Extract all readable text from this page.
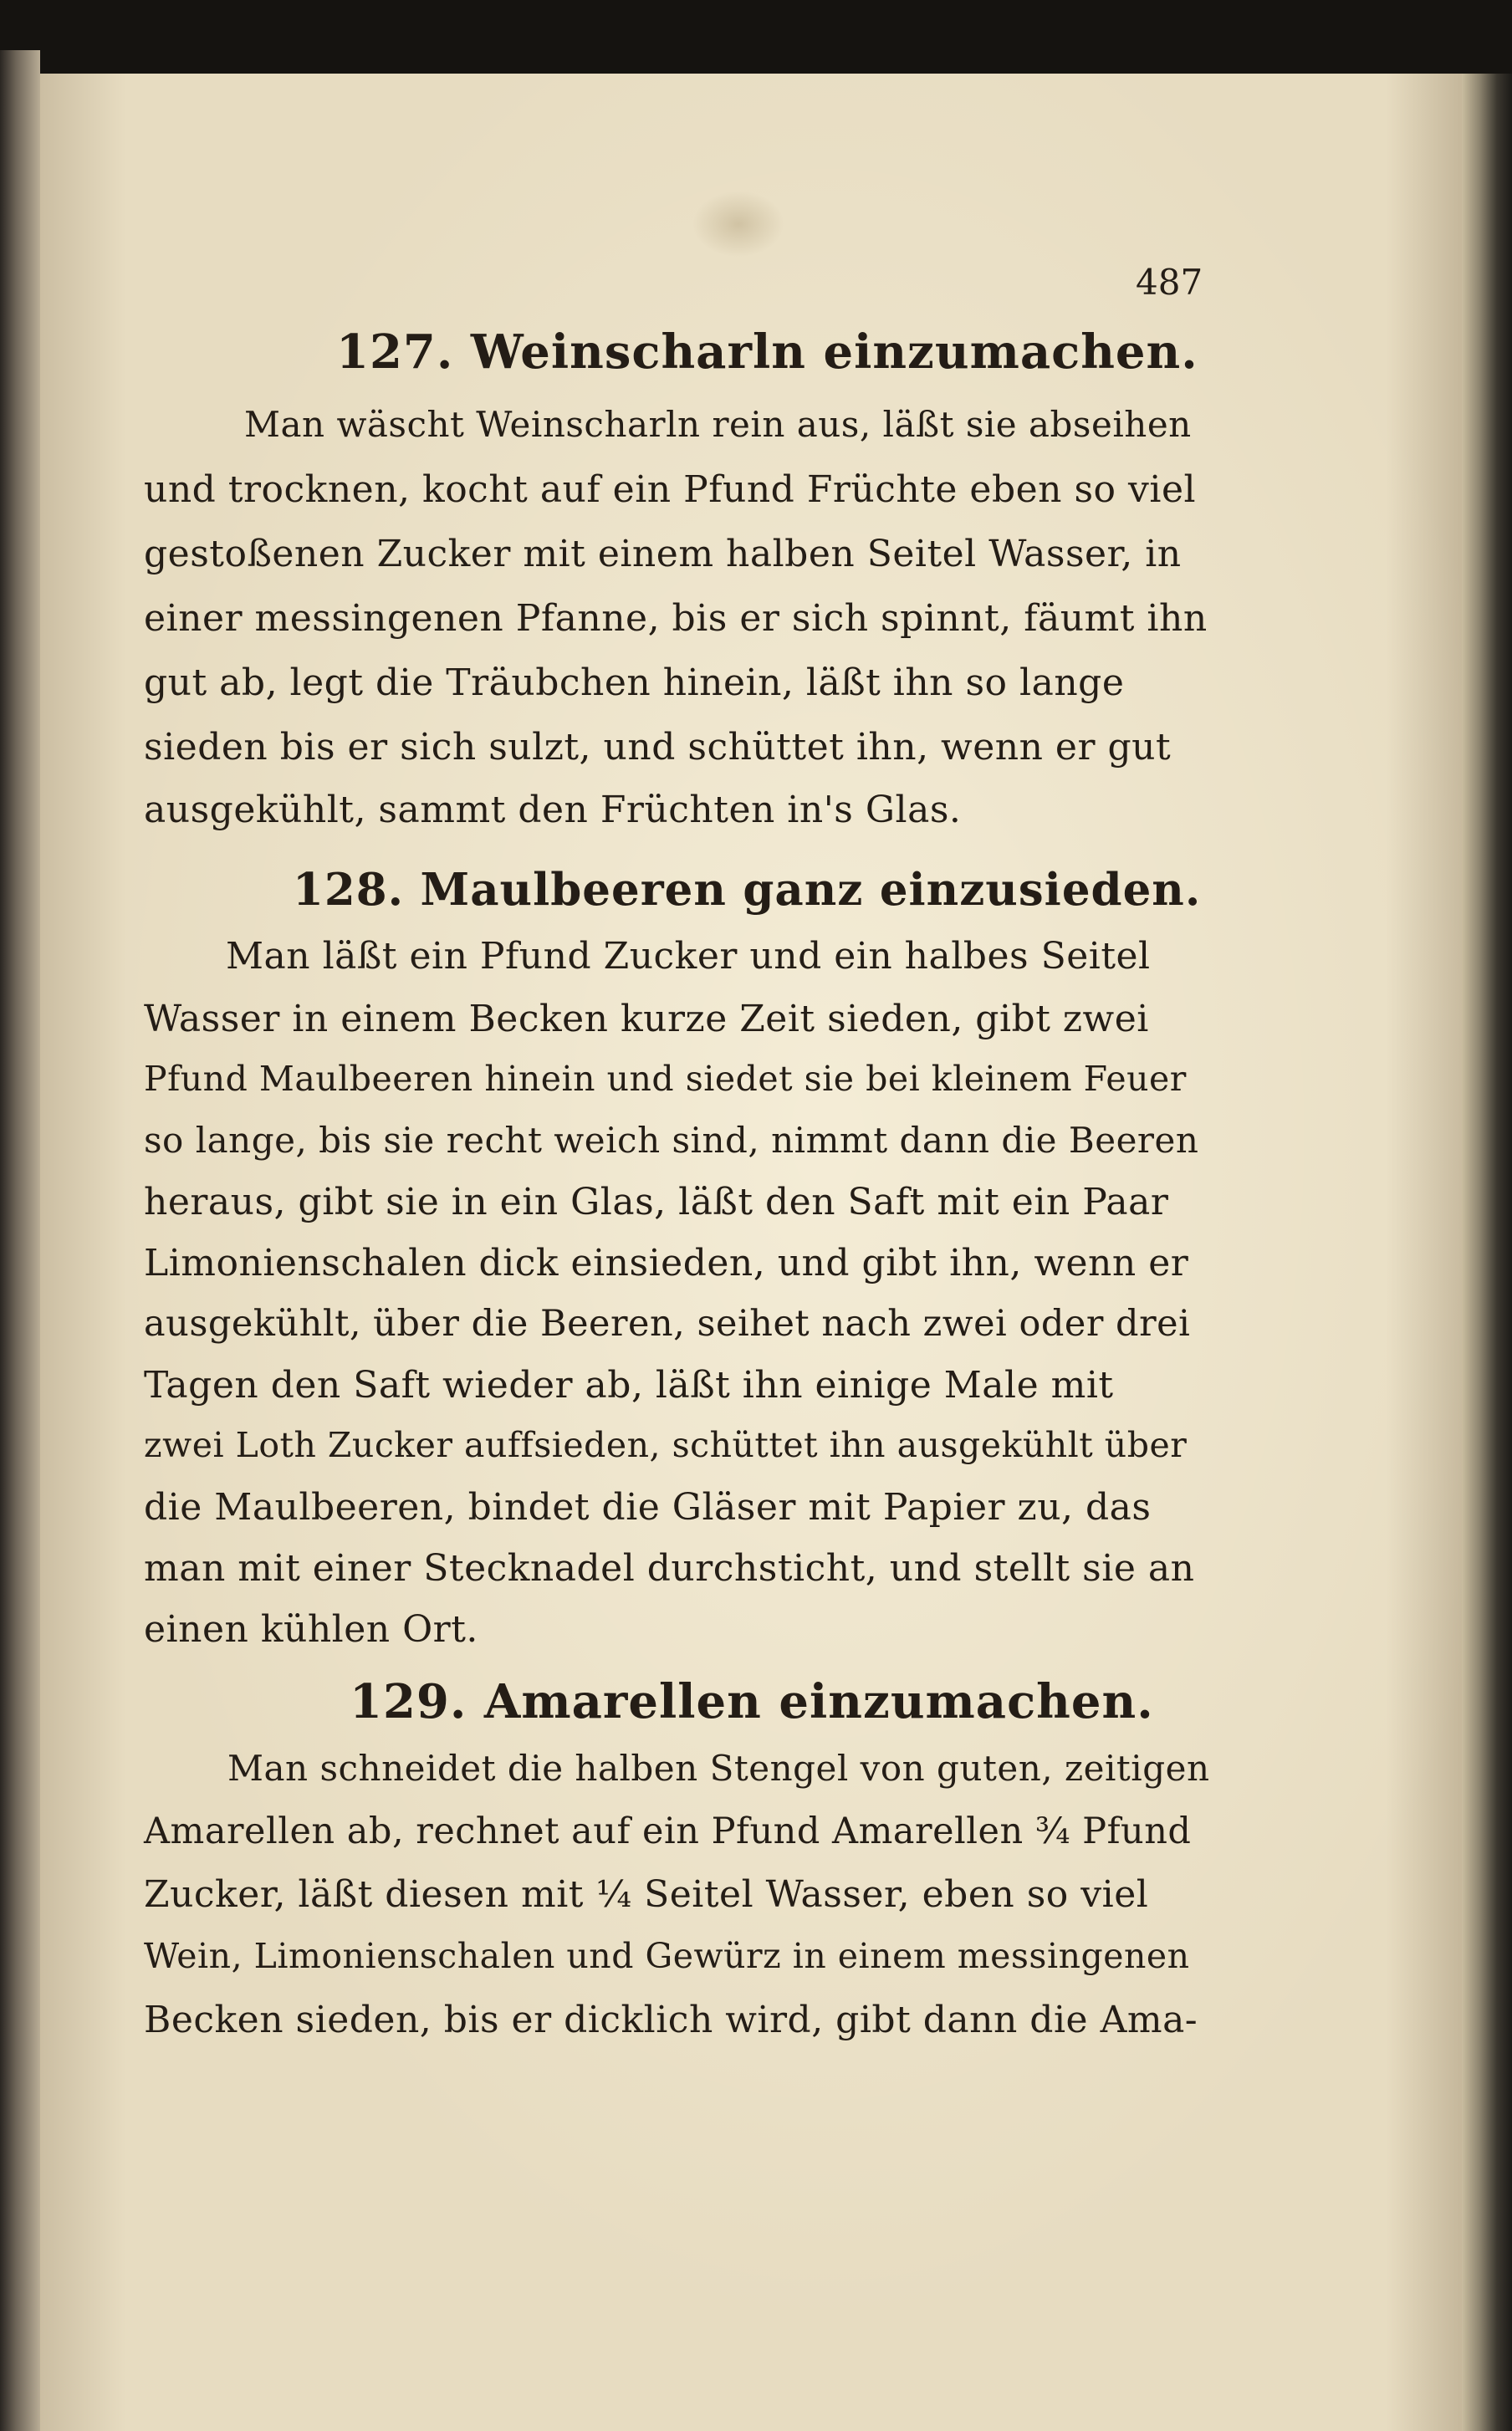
487
127. Weinscharln einzumachen.
Man wäscht Weinscharln rein aus, läßt sie abseihen
und trocknen, kocht auf ein Pfund Früchte eben so viel
gestoßenen Zucker mit einem halben Seitel Wasser, in
einer messingenen Pfanne, bis er sich spinnt, fäumt ihn
gut ab, legt die Träubchen hinein, läßt ihn so lange
sieden bis er sich sulzt, und schüttet ihn, wenn er gut
ausgekühlt, sammt den Früchten in's Glas.
128. Maulbeeren ganz einzusieden.
Man läßt ein Pfund Zucker und ein halbes Seitel
Wasser in einem Becken kurze Zeit sieden, gibt zwei
Pfund Maulbeeren hinein und siedet sie bei kleinem Feuer
so lange, bis sie recht weich sind, nimmt dann die Beeren
heraus, gibt sie in ein Glas, läßt den Saft mit ein Paar
Limonienschalen dick einsieden, und gibt ihn, wenn er
ausgekühlt, über die Beeren, seihet nach zwei oder drei
Tagen den Saft wieder ab, läßt ihn einige Male mit
zwei Loth Zucker auffsieden, schüttet ihn ausgekühlt über
die Maulbeeren, bindet die Gläser mit Papier zu, das
man mit einer Stecknadel durchsticht, und stellt sie an
einen kühlen Ort.
129. Amarellen einzumachen.
Man schneidet die halben Stengel von guten, zeitigen
Amarellen ab, rechnet auf ein Pfund Amarellen ¾ Pfund
Zucker, läßt diesen mit ¼ Seitel Wasser, eben so viel
Wein, Limonienschalen und Gewürz in einem messingenen
Becken sieden, bis er dicklich wird, gibt dann die Ama-
